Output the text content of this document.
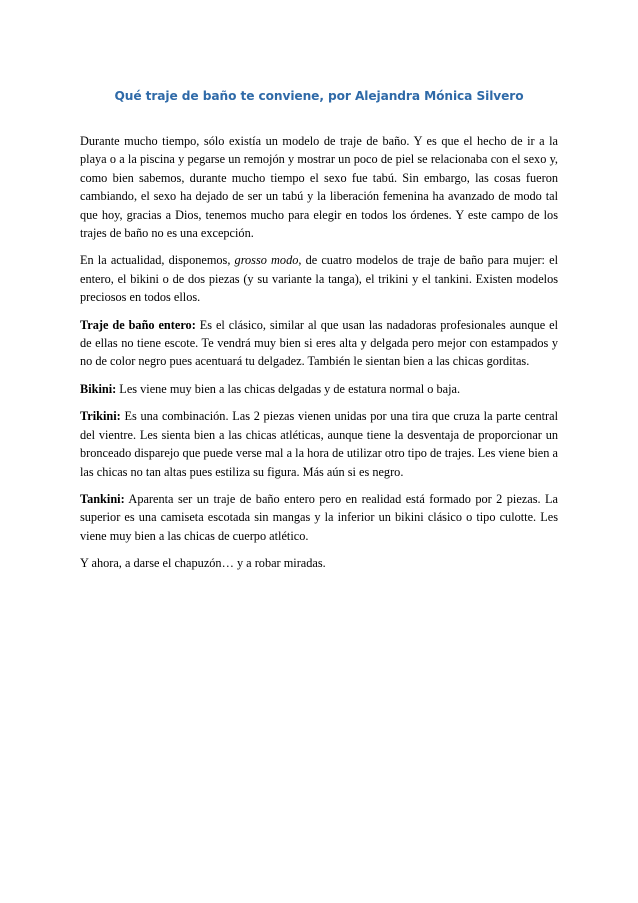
Qué traje de baño te conviene, por Alejandra Mónica Silvero

Durante mucho tiempo, sólo existía un modelo de traje de baño. Y es que el hecho de ir a la playa o a la piscina y pegarse un remojón y mostrar un poco de piel se relacionaba con el sexo y, como bien sabemos, durante mucho tiempo el sexo fue tabú. Sin embargo, las cosas fueron cambiando, el sexo ha dejado de ser un tabú y la liberación femenina ha avanzado de modo tal que hoy, gracias a Dios, tenemos mucho para elegir en todos los órdenes. Y este campo de los trajes de baño no es una excepción.

En la actualidad, disponemos, grosso modo, de cuatro modelos de traje de baño para mujer: el entero, el bikini o de dos piezas (y su variante la tanga), el trikini y el tankini. Existen modelos preciosos en todos ellos.

Traje de baño entero: Es el clásico, similar al que usan las nadadoras profesionales aunque el de ellas no tiene escote. Te vendrá muy bien si eres alta y delgada pero mejor con estampados y no de color negro pues acentuará tu delgadez. También le sientan bien a las chicas gorditas.

Bikini: Les viene muy bien a las chicas delgadas y de estatura normal o baja.

Trikini: Es una combinación. Las 2 piezas vienen unidas por una tira que cruza la parte central del vientre. Les sienta bien a las chicas atléticas, aunque tiene la desventaja de proporcionar un bronceado disparejo que puede verse mal a la hora de utilizar otro tipo de trajes. Les viene bien a las chicas no tan altas pues estiliza su figura. Más aún si es negro.

Tankini: Aparenta ser un traje de baño entero pero en realidad está formado por 2 piezas. La superior es una camiseta escotada sin mangas y la inferior un bikini clásico o tipo culotte. Les viene muy bien a las chicas de cuerpo atlético.

Y ahora, a darse el chapuzón… y a robar miradas.
